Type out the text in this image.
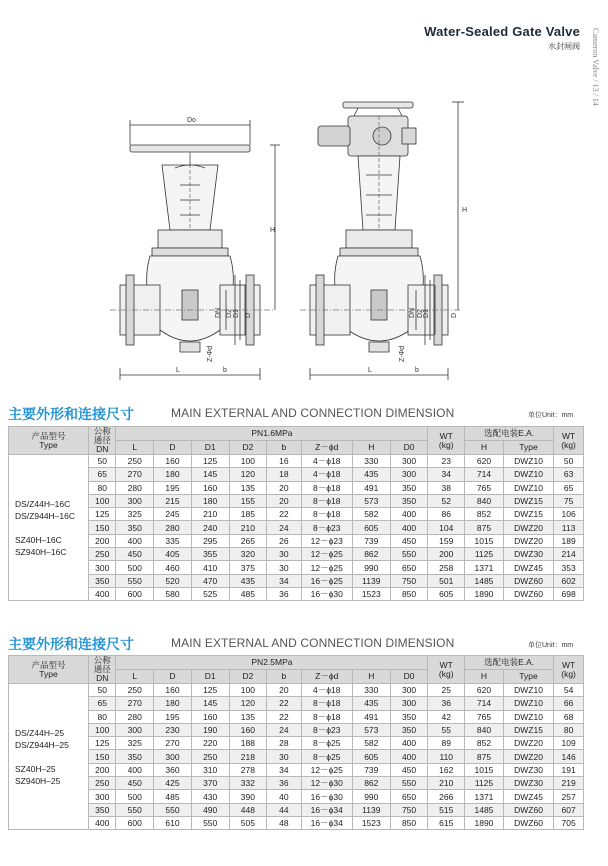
Water-Sealed Gate Valve
水封闸阀	Cameron Valve / 13 / 14
Do
H
DN D2 D1 D
Z-Φd
b
L
H
DN D2 D1	D
Z-Φd
b
L
主要外形和连接尺寸	MAIN EXTERNAL AND CONNECTION DIMENSION	单位Unit：mm
产品型号
Type	公称
通径
DN	PN1.6MPa								WT
(kg)	选配电装E.A.		WT
(kg)

		L	D	D1	D2	b	Z－ϕd	H	D0		H	Type	

DS/Z44H–16C
DS/Z944H–16C
SZ40H–16C
SZ940H–16C	50	250	160	125	100	16	4－ϕ18	330	300	23	620	DWZ10	50
	65	270	180	145	120	18	4－ϕ18	435	300	34	714	DWZ10	63
	80	280	195	160	135	20	8－ϕ18	491	350	38	765	DWZ10	65
	100	300	215	180	155	20	8－ϕ18	573	350	52	840	DWZ15	75
	125	325	245	210	185	22	8－ϕ18	582	400	86	852	DWZ15	106
	150	350	280	240	210	24	8－ϕ23	605	400	104	875	DWZ20	113
	200	400	335	295	265	26	12－ϕ23	739	450	159	1015	DWZ20	189
	250	450	405	355	320	30	12－ϕ25	862	550	200	1125	DWZ30	214
	300	500	460	410	375	30	12－ϕ25	990	650	258	1371	DWZ45	353
	350	550	520	470	435	34	16－ϕ25	1139	750	501	1485	DWZ60	602
	400	600	580	525	485	36	16－ϕ30	1523	850	605	1890	DWZ60	698
主要外形和连接尺寸	MAIN EXTERNAL AND CONNECTION DIMENSION	单位Unit：mm
产品型号
Type	公称
通径
DN	PN2.5MPa								WT
(kg)	选配电装E.A.		WT
(kg)

		L	D	D1	D2	b	Z－ϕd	H	D0		H	Type	

DS/Z44H–25
DS/Z944H–25
SZ40H–25
SZ940H–25	50	250	160	125	100	20	4－ϕ18	330	300	25	620	DWZ10	54
	65	270	180	145	120	22	8－ϕ18	435	300	36	714	DWZ10	66
	80	280	195	160	135	22	8－ϕ18	491	350	42	765	DWZ10	68
	100	300	230	190	160	24	8－ϕ23	573	350	55	840	DWZ15	80
	125	325	270	220	188	28	8－ϕ25	582	400	89	852	DWZ20	109
	150	350	300	250	218	30	8－ϕ25	605	400	110	875	DWZ20	146
	200	400	360	310	278	34	12－ϕ25	739	450	162	1015	DWZ30	191
	250	450	425	370	332	36	12－ϕ30	862	550	210	1125	DWZ30	219
	300	500	485	430	390	40	16－ϕ30	990	650	266	1371	DWZ45	257
	350	550	550	490	448	44	16－ϕ34	1139	750	515	1485	DWZ60	607
	400	600	610	550	505	48	16－ϕ34	1523	850	615	1890	DWZ60	705
